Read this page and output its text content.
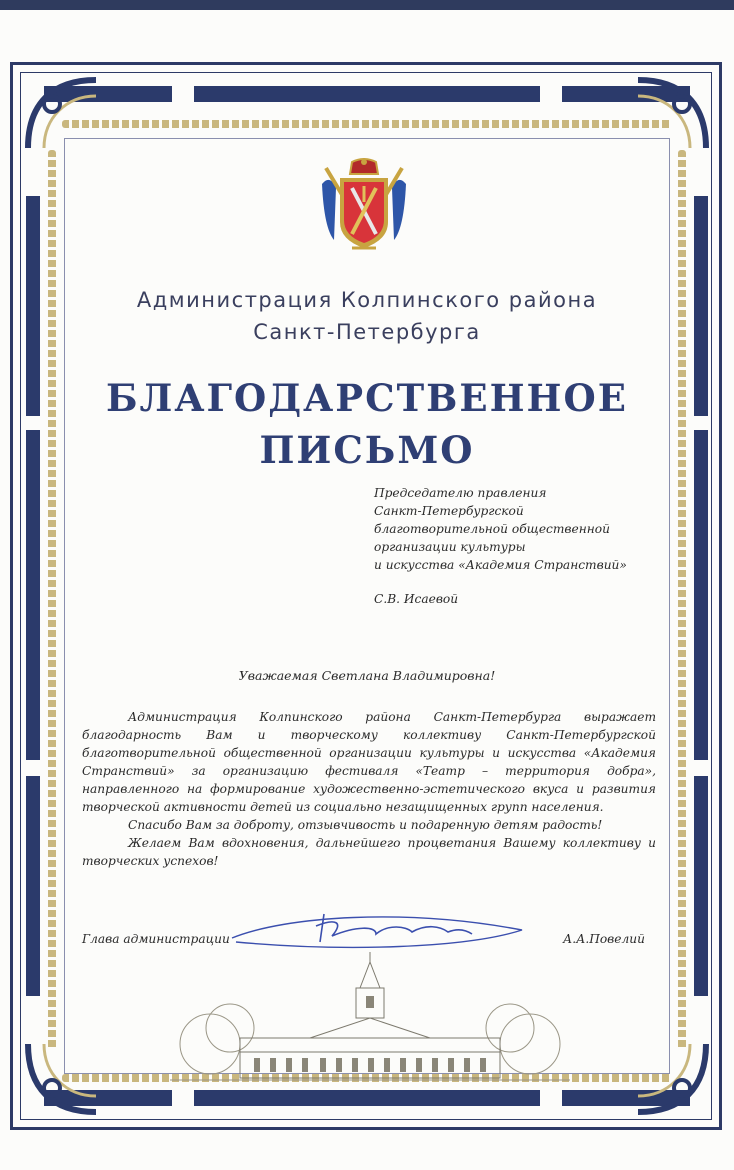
Администрация Колпинского района
Санкт-Петербурга
БЛАГОДАРСТВЕННОЕ
ПИСЬМО
Председателю правления
Санкт-Петербургской
благотворительной общественной
организации культуры
и искусства «Академия Странствий»
С.В. Исаевой
Уважаемая Светлана Владимировна!

Администрация Колпинского района Санкт-Петербурга выражает благодарность Вам и творческому коллективу Санкт-Петербургской благотворительной общественной организации культуры и искусства «Академия Странствий» за организацию фестиваля «Театр – территория добра», направленного на формирование художественно-эстетического вкуса и развития творческой активности детей из социально незащищенных групп населения.

Спасибо Вам за доброту, отзывчивость и подаренную детям радость!

Желаем Вам вдохновения, дальнейшего процветания Вашему коллективу и творческих успехов!

Глава администрации	А.А.Повелий
